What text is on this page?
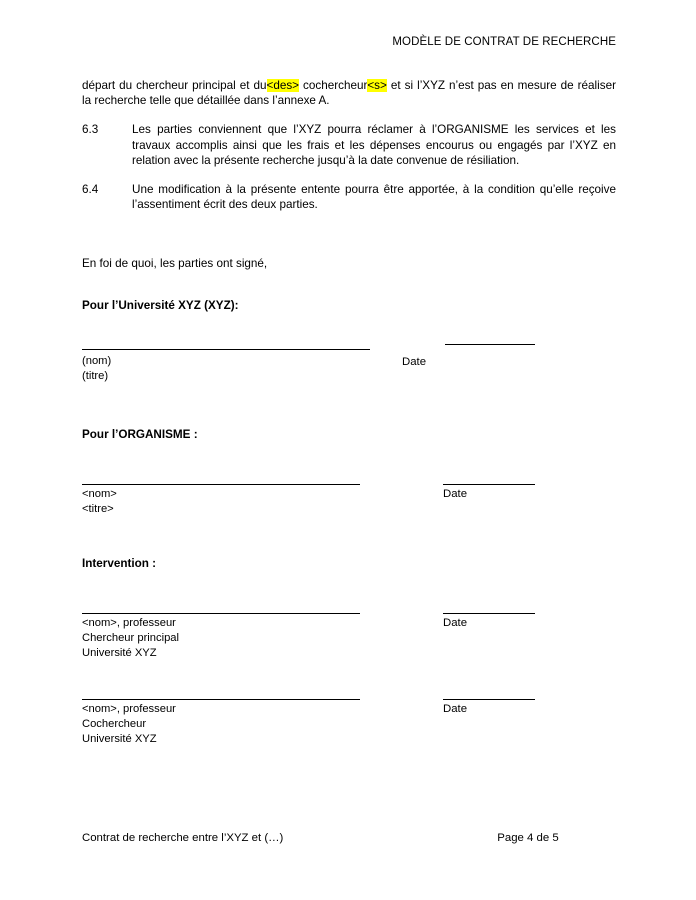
MODÈLE DE CONTRAT DE RECHERCHE

départ du chercheur principal et du<des> cochercheur<s> et si l’XYZ n’est pas en mesure de réaliser la recherche telle que détaillée dans l’annexe A.

6.3	Les parties conviennent que l’XYZ pourra réclamer à l’ORGANISME les services et les travaux accomplis ainsi que les frais et les dépenses encourus ou engagés par l’XYZ en relation avec la présente recherche jusqu’à la date convenue de résiliation.

6.4	Une modification à la présente entente pourra être apportée, à la condition qu’elle reçoive l’assentiment écrit des deux parties.

En foi de quoi, les parties ont signé,
Pour l’Université XYZ (XYZ):
(nom)
(titre)
Date
Pour l’ORGANISME :
<nom>
<titre>
Date
Intervention :
<nom>, professeur
Chercheur principal
Université XYZ
Date
<nom>, professeur
Cochercheur
Université XYZ
Date
Contrat de recherche entre l’XYZ et (…)	Page 4 de 5
